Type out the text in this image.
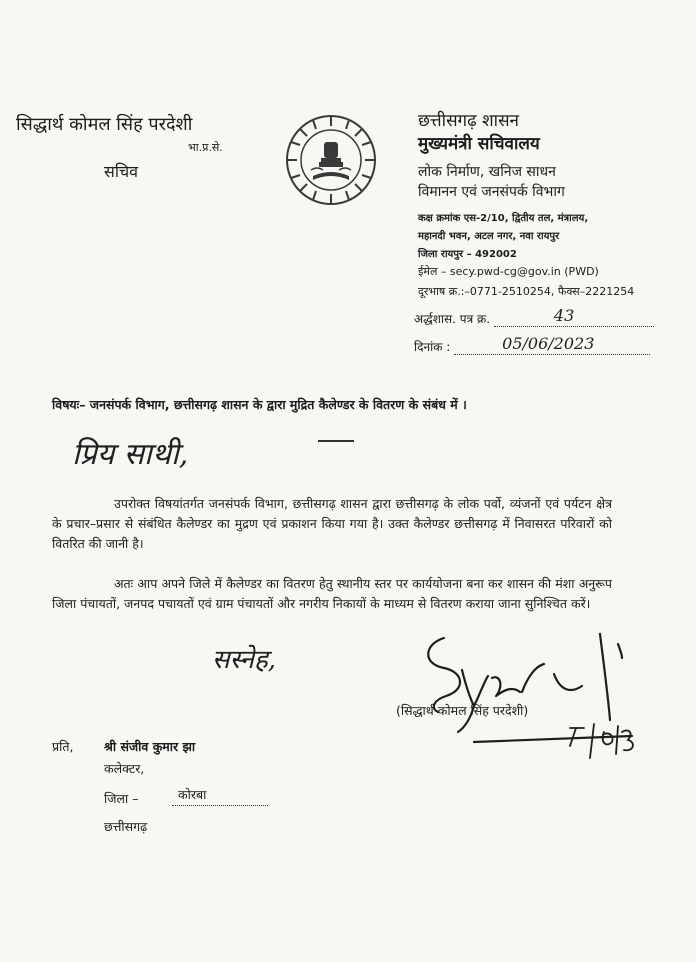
सिद्धार्थ कोमल सिंह परदेशी
भा.प्र.से.
सचिव
छत्तीसगढ़ शासन
मुख्यमंत्री सचिवालय
लोक निर्माण, खनिज साधन
विमानन एवं जनसंपर्क विभाग
कक्ष क्रमांक एस-2/10, द्वितीय तल, मंत्रालय,
महानदी भवन, अटल नगर, नवा रायपुर
जिला रायपुर – 492002
ईमेल – secy.pwd-cg@gov.in (PWD)
दूरभाष क्र.:–0771-2510254, फैक्स–2221254
अर्द्धशास. पत्र क्र.	43
दिनांक :	05/06/2023
विषयः– जनसंपर्क विभाग, छत्तीसगढ़ शासन के द्वारा मुद्रित कैलेण्डर के वितरण के संबंध में ।
प्रिय साथी,
उपरोक्त विषयांतर्गत जनसंपर्क विभाग, छत्तीसगढ़ शासन द्वारा छत्तीसगढ़ के लोक पर्वो, व्यंजनों एवं पर्यटन क्षेत्र के प्रचार–प्रसार से संबंधित कैलेण्डर का मुद्रण एवं प्रकाशन किया गया है। उक्त कैलेण्डर छत्तीसगढ़ में निवासरत परिवारों को वितरित की जानी है।
अतः आप अपने जिले में कैलेण्डर का वितरण हेतु स्थानीय स्तर पर कार्ययोजना बना कर शासन की मंशा अनुरूप जिला पंचायतों, जनपद पचायतों एवं ग्राम पंचायतों और नगरीय निकायों के माध्यम से वितरण कराया जाना सुनिश्चित करें।
सस्नेह,
(सिद्धार्थ कोमल सिंह परदेशी)
प्रति, श्री संजीव कुमार झा
कलेक्टर,
जिला –	कोरबा
छत्तीसगढ़
